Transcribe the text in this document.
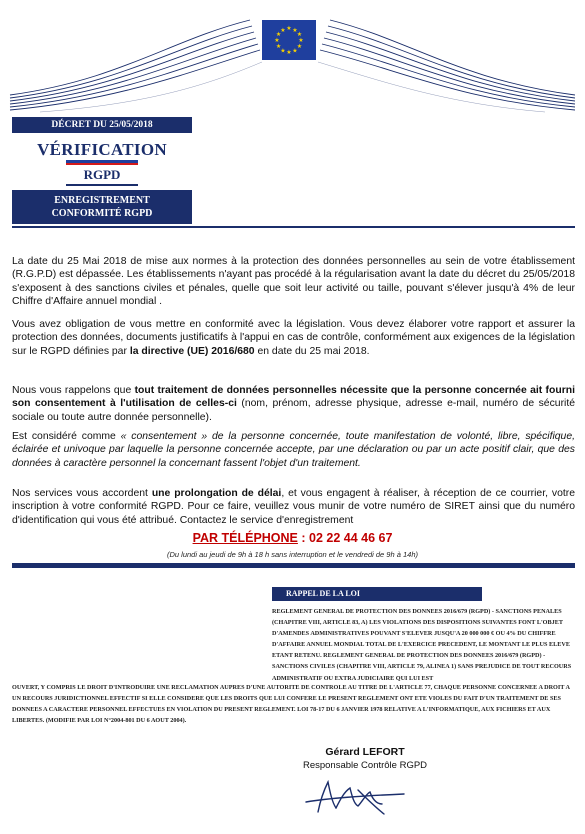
★ ★
★
★
★
★
★
★
★
★
★
★
DÉCRET DU 25/05/2018
VÉRIFICATION
RGPD
ENREGISTREMENT
CONFORMITÉ RGPD

La date du 25 Mai 2018 de mise aux normes à la protection des données personnelles au sein de votre établissement (R.G.P.D) est dépassée. Les établissements n'ayant pas procédé à la régularisation avant la date du décret du 25/05/2018 s'exposent à des sanctions civiles et pénales, quelle que soit leur activité ou taille, pouvant s'élever jusqu'à 4% de leur Chiffre d'Affaire annuel mondial .

Vous avez obligation de vous mettre en conformité avec la législation. Vous devez élaborer votre rapport et assurer la protection des données, documents justificatifs à l'appui en cas de contrôle, conformément aux exigences de la législation sur le RGPD définies par la directive (UE) 2016/680 en date du 25 mai 2018.

Nous vous rappelons que tout traitement de données personnelles nécessite que la personne concernée ait fourni son consentement à l'utilisation de celles-ci (nom, prénom, adresse physique, adresse e-mail, numéro de sécurité sociale ou toute autre donnée personnelle).

Est considéré comme « consentement » de la personne concernée, toute manifestation de volonté, libre, spécifique, éclairée et univoque par laquelle la personne concernée accepte, par une déclaration ou par un acte positif clair, que des données à caractère personnel la concernant fassent l'objet d'un traitement.

Nos services vous accordent une prolongation de délai, et vous engagent à réaliser, à réception de ce courrier, votre inscription à votre conformité RGPD. Pour ce faire, veuillez vous munir de votre numéro de SIRET ainsi que du numéro d'identification qui vous été attribué. Contactez le service d'enregistrement

PAR TÉLÉPHONE : 02 22 44 46 67
(Du lundi au jeudi de 9h à 18 h sans interruption et le vendredi de 9h à 14h)
RAPPEL DE LA LOI
REGLEMENT GENERAL DE PROTECTION DES DONNEES 2016/679 (RGPD) - SANCTIONS PENALES (CHAPITRE VIII, ARTICLE 83, A) LES VIOLATIONS DES DISPOSITIONS SUIVANTES FONT L'OBJET D'AMENDES ADMINISTRATIVES POUVANT S'ELEVER JUSQU'A 20 000 000 € OU 4% DU CHIFFRE D'AFFAIRE ANNUEL MONDIAL TOTAL DE L'EXERCICE PRECEDENT, LE MONTANT LE PLUS ELEVE ETANT RETENU. REGLEMENT GENERAL DE PROTECTION DES DONNEES 2016/679 (RGPD) - SANCTIONS CIVILES (CHAPITRE VIII, ARTICLE 79, ALINEA 1) SANS PREJUDICE DE TOUT RECOURS ADMINISTRATIF OU EXTRA JUDICIAIRE QUI LUI EST
OUVERT, Y COMPRIS LE DROIT D'INTRODUIRE UNE RECLAMATION AUPRES D'UNE AUTORITE DE CONTROLE AU TITRE DE L'ARTICLE 77, CHAQUE PERSONNE CONCERNEE A DROIT A UN RECOURS JURIDICTIONNEL EFFECTIF SI ELLE CONSIDERE QUE LES DROITS QUE LUI CONFERE LE PRESENT REGLEMENT ONT ETE VIOLES DU FAIT D'UN TRAITEMENT DE SES DONNEES A CARACTERE PERSONNEL EFFECTUES EN VIOLATION DU PRESENT REGLEMENT. LOI 78-17 DU 6 JANVIER 1978 RELATIVE A L'INFORMATIQUE, AUX FICHIERS ET AUX LIBERTES. (MODIFIE PAR LOI N°2004-801 DU 6 AOUT 2004).
Gérard LEFORT
Responsable Contrôle RGPD
